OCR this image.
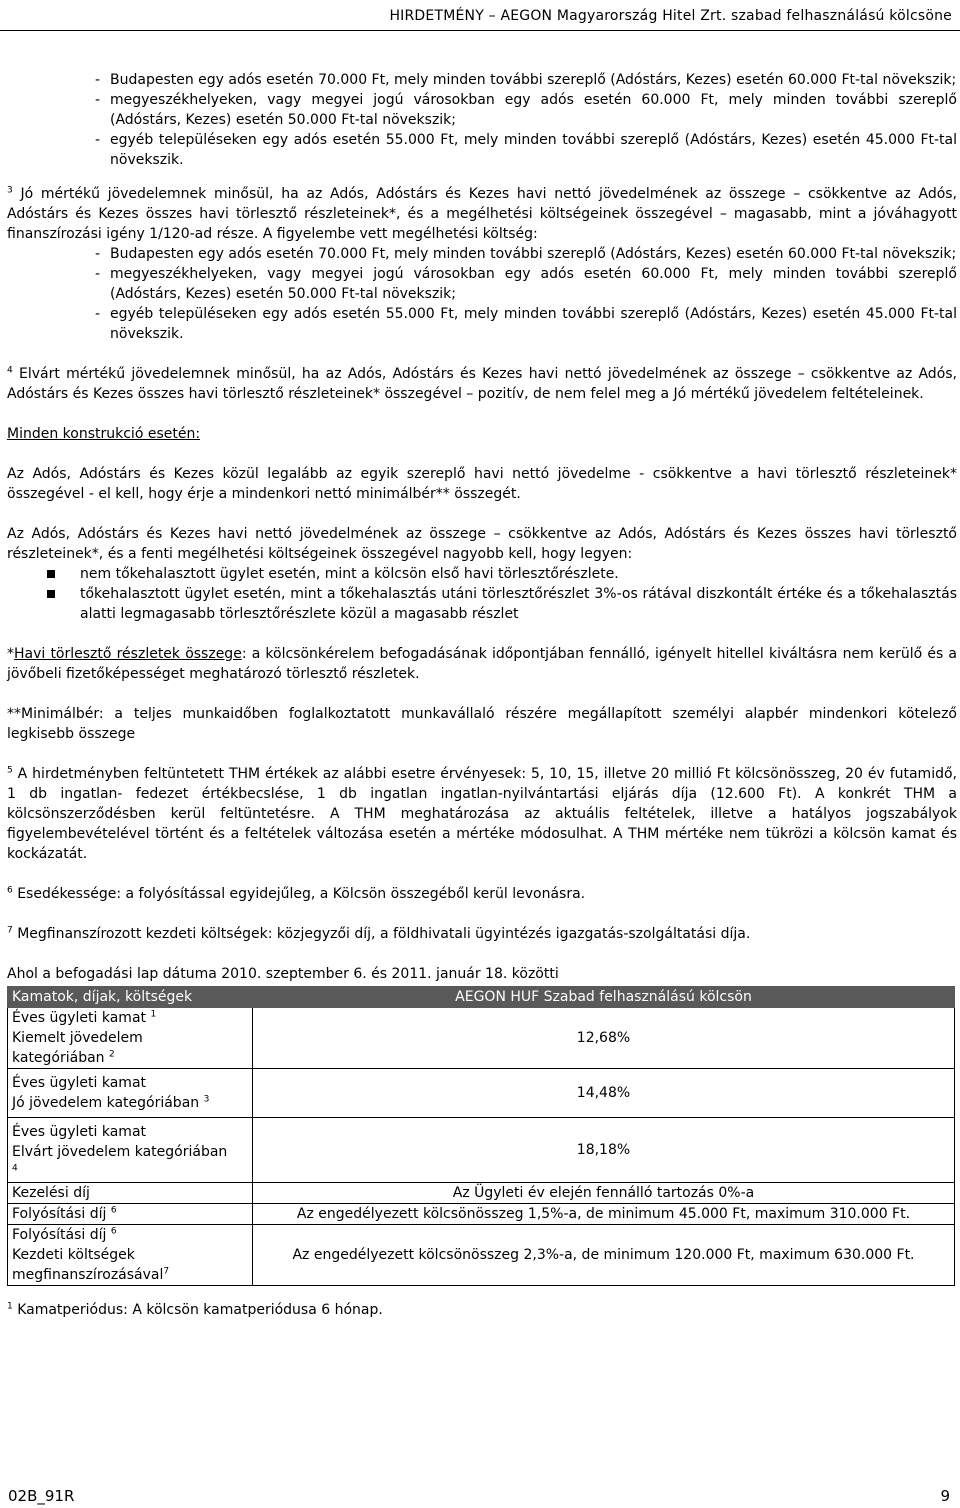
HIRDETMÉNY – AEGON Magyarország Hitel Zrt. szabad felhasználású kölcsöne
- Budapesten egy adós esetén 70.000 Ft, mely minden további szereplő (Adóstárs, Kezes) esetén 60.000 Ft-tal növekszik;
- megyeszékhelyeken, vagy megyei jogú városokban egy adós esetén 60.000 Ft, mely minden további szereplő (Adóstárs, Kezes) esetén 50.000 Ft-tal növekszik;
- egyéb településeken egy adós esetén 55.000 Ft, mely minden további szereplő (Adóstárs, Kezes) esetén 45.000 Ft-tal növekszik.

$^3$ Jó mértékű jövedelemnek minősül, ha az Adós, Adóstárs és Kezes havi nettó jövedelmének az összege – csökkentve az Adós, Adóstárs és Kezes összes havi törlesztő részleteinek*, és a megélhetési költségeinek összegével – magasabb, mint a jóváhagyott finanszírozási igény 1/120-ad része. A figyelembe vett megélhetési költség:

- Budapesten egy adós esetén 70.000 Ft, mely minden további szereplő (Adóstárs, Kezes) esetén 60.000 Ft-tal növekszik;
- megyeszékhelyeken, vagy megyei jogú városokban egy adós esetén 60.000 Ft, mely minden további szereplő (Adóstárs, Kezes) esetén 50.000 Ft-tal növekszik;
- egyéb településeken egy adós esetén 55.000 Ft, mely minden további szereplő (Adóstárs, Kezes) esetén 45.000 Ft-tal növekszik.

$^4$ Elvárt mértékű jövedelemnek minősül, ha az Adós, Adóstárs és Kezes havi nettó jövedelmének az összege – csökkentve az Adós, Adóstárs és Kezes összes havi törlesztő részleteinek* összegével – pozitív, de nem felel meg a Jó mértékű jövedelem feltételeinek.

Minden konstrukció esetén:

Az Adós, Adóstárs és Kezes közül legalább az egyik szereplő havi nettó jövedelme - csökkentve a havi törlesztő részleteinek* összegével - el kell, hogy érje a mindenkori nettó minimálbér** összegét.

Az Adós, Adóstárs és Kezes havi nettó jövedelmének az összege – csökkentve az Adós, Adóstárs és Kezes összes havi törlesztő részleteinek*, és a fenti megélhetési költségeinek összegével nagyobb kell, hogy legyen:

nem tőkehalasztott ügylet esetén, mint a kölcsön első havi törlesztőrészlete.
tőkehalasztott ügylet esetén, mint a tőkehalasztás utáni törlesztőrészlet 3%-os rátával diszkontált értéke és a tőkehalasztás alatti legmagasabb törlesztőrészlete közül a magasabb részlet

*Havi törlesztő részletek összege: a kölcsönkérelem befogadásának időpontjában fennálló, igényelt hitellel kiváltásra nem kerülő és a jövőbeli fizetőképességet meghatározó törlesztő részletek.

**Minimálbér: a teljes munkaidőben foglalkoztatott munkavállaló részére megállapított személyi alapbér mindenkori kötelező legkisebb összege

$^5$ A hirdetményben feltüntetett THM értékek az alábbi esetre érvényesek: 5, 10, 15, illetve 20 millió Ft kölcsönösszeg, 20 év futamidő, 1 db ingatlan- fedezet értékbecslése, 1 db ingatlan ingatlan-nyilvántartási eljárás díja (12.600 Ft). A konkrét THM a kölcsönszerződésben kerül feltüntetésre. A THM meghatározása az aktuális feltételek, illetve a hatályos jogszabályok figyelembevételével történt és a feltételek változása esetén a mértéke módosulhat. A THM mértéke nem tükrözi a kölcsön kamat és kockázatát.

$^6$ Esedékessége: a folyósítással egyidejűleg, a Kölcsön összegéből kerül levonásra.

$^7$ Megfinanszírozott kezdeti költségek: közjegyzői díj, a földhivatali ügyintézés igazgatás-szolgáltatási díja.

Ahol a befogadási lap dátuma 2010. szeptember 6. és 2011. január 18. közötti

Kamatok, díjak, költségek	AEGON HUF Szabad felhasználású kölcsön
Éves ügyleti kamat $^1$
Kiemelt jövedelem
kategóriában $^2$	12,68%
Éves ügyleti kamat
Jó jövedelem kategóriában $^3$	14,48%
Éves ügyleti kamat
Elvárt jövedelem kategóriában
$^4$	18,18%
Kezelési díj	Az Ügyleti év elején fennálló tartozás 0%-a
Folyósítási díj $^6$	Az engedélyezett kölcsönösszeg 1,5%-a, de minimum 45.000 Ft, maximum 310.000 Ft.
Folyósítási díj $^6$
Kezdeti költségek
megfinanszírozásával$^7$	Az engedélyezett kölcsönösszeg 2,3%-a, de minimum 120.000 Ft, maximum 630.000 Ft.

$^1$ Kamatperiódus: A kölcsön kamatperiódusa 6 hónap.

02B_91R	9
